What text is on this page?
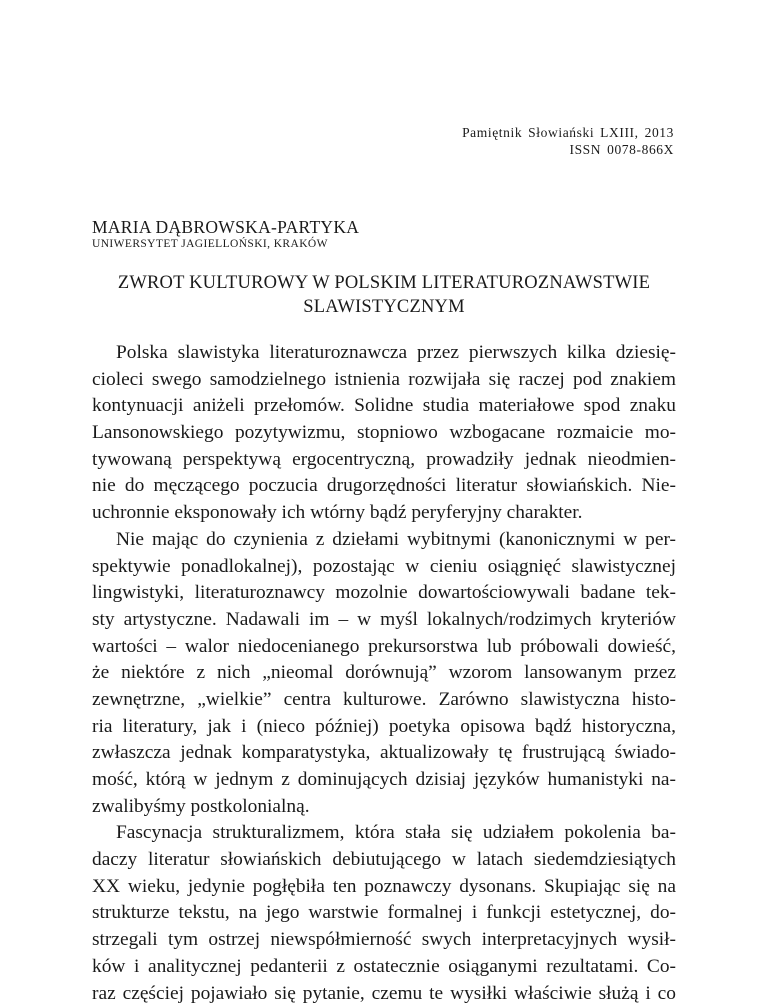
Pamiętnik Słowiański LXIII, 2013
ISSN 0078-866X
MARIA DĄBROWSKA-PARTYKA
UNIWERSYTET JAGIELLOŃSKI, KRAKÓW
ZWROT KULTUROWY W POLSKIM LITERATUROZNAWSTWIE
SLAWISTYCZNYM
Polska slawistyka literaturoznawcza przez pierwszych kilka dziesię-
cioleci swego samodzielnego istnienia rozwijała się raczej pod znakiem
kontynuacji aniżeli przełomów. Solidne studia materiałowe spod znaku
Lansonowskiego pozytywizmu, stopniowo wzbogacane rozmaicie mo-
tywowaną perspektywą ergocentryczną, prowadziły jednak nieodmien-
nie do męczącego poczucia drugorzędności literatur słowiańskich. Nie-
uchronnie eksponowały ich wtórny bądź peryferyjny charakter.
Nie mając do czynienia z dziełami wybitnymi (kanonicznymi w per-
spektywie ponadlokalnej), pozostając w cieniu osiągnięć slawistycznej
lingwistyki, literaturoznawcy mozolnie dowartościowywali badane tek-
sty artystyczne. Nadawali im – w myśl lokalnych/rodzimych kryteriów
wartości – walor niedocenianego prekursorstwa lub próbowali dowieść,
że niektóre z nich „nieomal dorównują” wzorom lansowanym przez
zewnętrzne, „wielkie” centra kulturowe. Zarówno slawistyczna histo-
ria literatury, jak i (nieco później) poetyka opisowa bądź historyczna,
zwłaszcza jednak komparatystyka, aktualizowały tę frustrującą świado-
mość, którą w jednym z dominujących dzisiaj języków humanistyki na-
zwalibyśmy postkolonialną.
Fascynacja strukturalizmem, która stała się udziałem pokolenia ba-
daczy literatur słowiańskich debiutującego w latach siedemdziesiątych
XX wieku, jedynie pogłębiła ten poznawczy dysonans. Skupiając się na
strukturze tekstu, na jego warstwie formalnej i funkcji estetycznej, do-
strzegali tym ostrzej niewspółmierność swych interpretacyjnych wysił-
ków i analitycznej pedanterii z ostatecznie osiąganymi rezultatami. Co-
raz częściej pojawiało się pytanie, czemu te wysiłki właściwie służą i co
